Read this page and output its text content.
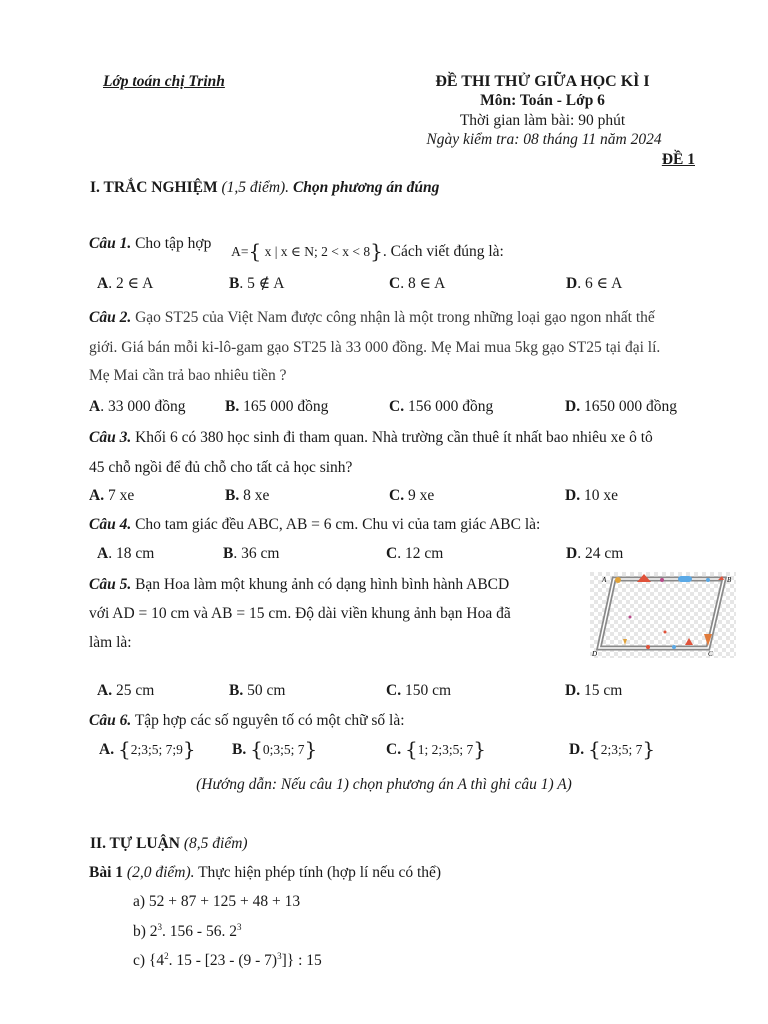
Lớp toán chị Trinh	ĐỀ THI THỬ GIỮA HỌC KÌ I
Môn: Toán - Lớp 6
Thời gian làm bài: 90 phút
Ngày kiểm tra: 08 tháng 11 năm 2024
ĐỀ 1
I. TRẮC NGHIỆM (1,5 điểm). Chọn phương án đúng
Câu 1. Cho tập hợp A={ x | x ∈ N; 2 < x < 8}. Cách viết đúng là:
A. 2 ∈ A	B. 5 ∉ A	C. 8 ∈ A	D. 6 ∈ A
Câu 2. Gạo ST25 của Việt Nam được công nhận là một trong những loại gạo ngon nhất thế
giới. Giá bán mỗi ki-lô-gam gạo ST25 là 33 000 đồng. Mẹ Mai mua 5kg gạo ST25 tại đại lí.
Mẹ Mai cần trả bao nhiêu tiền ?
A. 33 000 đồng	B. 165 000 đồng	C. 156 000 đồng	D. 1650 000 đồng
Câu 3. Khối 6 có 380 học sinh đi tham quan. Nhà trường cần thuê ít nhất bao nhiêu xe ô tô
45 chỗ ngồi để đủ chỗ cho tất cả học sinh?
A. 7 xe	B. 8 xe	C. 9 xe	D. 10 xe
Câu 4. Cho tam giác đều ABC, AB = 6 cm. Chu vi của tam giác ABC là:
A. 18 cm	B. 36 cm	C. 12 cm	D. 24 cm
Câu 5. Bạn Hoa làm một khung ảnh có dạng hình bình hành ABCD
với AD = 10 cm và AB = 15 cm. Độ dài viền khung ảnh bạn Hoa đã
làm là:
A	B
C
D
A. 25 cm	B. 50 cm	C. 150 cm	D. 15 cm
Câu 6. Tập hợp các số nguyên tố có một chữ số là:
A. {2;3;5; 7;9} B. {0;3;5; 7}	C. {1; 2;3;5; 7}	D. {2;3;5; 7}
(Hướng dẫn: Nếu câu 1) chọn phương án A thì ghi câu 1) A)
II. TỰ LUẬN (8,5 điểm)
Bài 1 (2,0 điểm). Thực hiện phép tính (hợp lí nếu có thể)
a) 52 + 87 + 125 + 48 + 13
b) $2^3$. 156 - 56. $2^3$
c) {$4^2$. 15 - [23 - (9 - 7)$^3$]} : 15
